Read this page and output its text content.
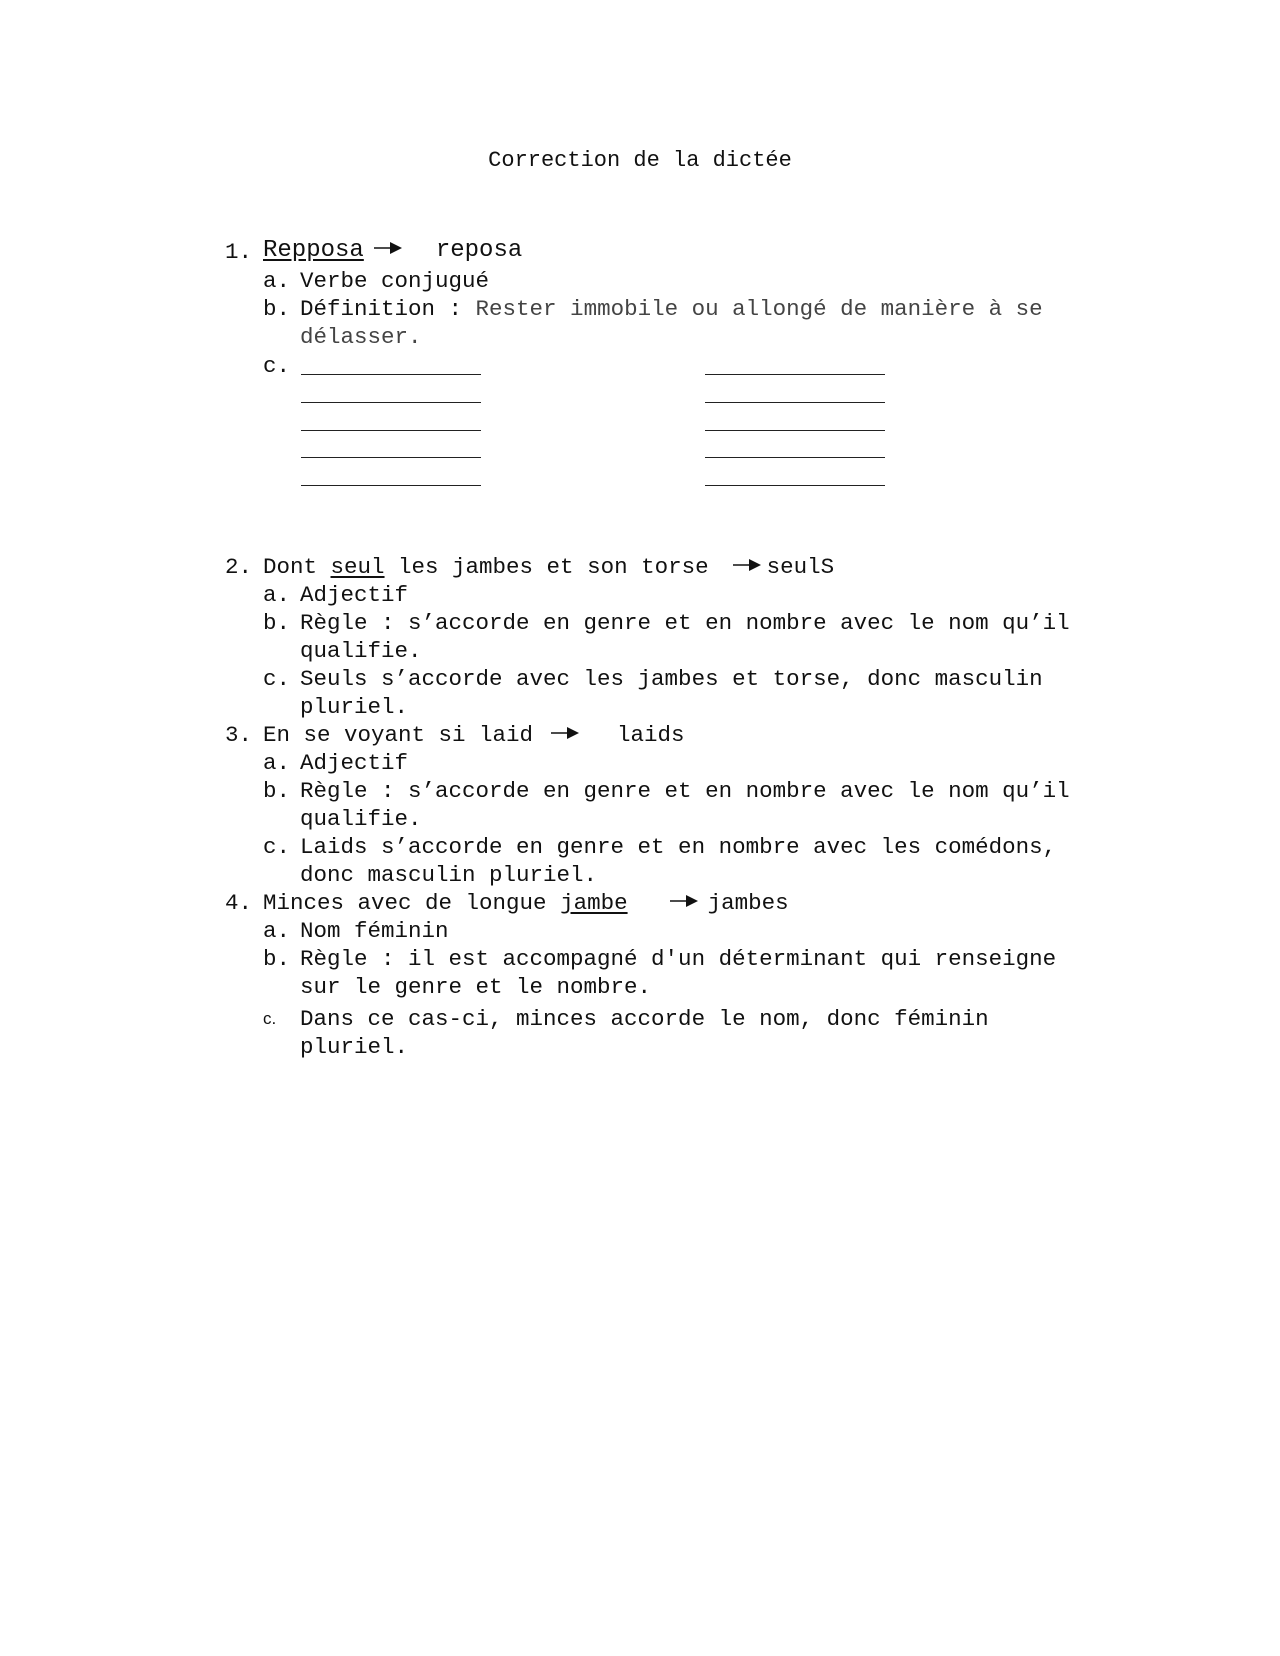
Correction de la dictée
1. Repposa	reposa
a. Verbe conjugué
b. Définition : Rester immobile ou allongé de manière à se
délasser.
c.
2. Dont seul les jambes et son torse	seulS
a. Adjectif
b. Règle : s’accorde en genre et en nombre avec le nom qu’il
qualifie.
c. Seuls s’accorde avec les jambes et torse, donc masculin
pluriel.
3. En se voyant si laid	laids
a. Adjectif
b. Règle : s’accorde en genre et en nombre avec le nom qu’il
qualifie.
c. Laids s’accorde en genre et en nombre avec les comédons,
donc masculin pluriel.
4. Minces avec de longue jambe	jambes
a. Nom féminin
b. Règle : il est accompagné d'un déterminant qui renseigne
sur le genre et le nombre.
c. Dans ce cas-ci, minces accorde le nom, donc féminin
pluriel.
